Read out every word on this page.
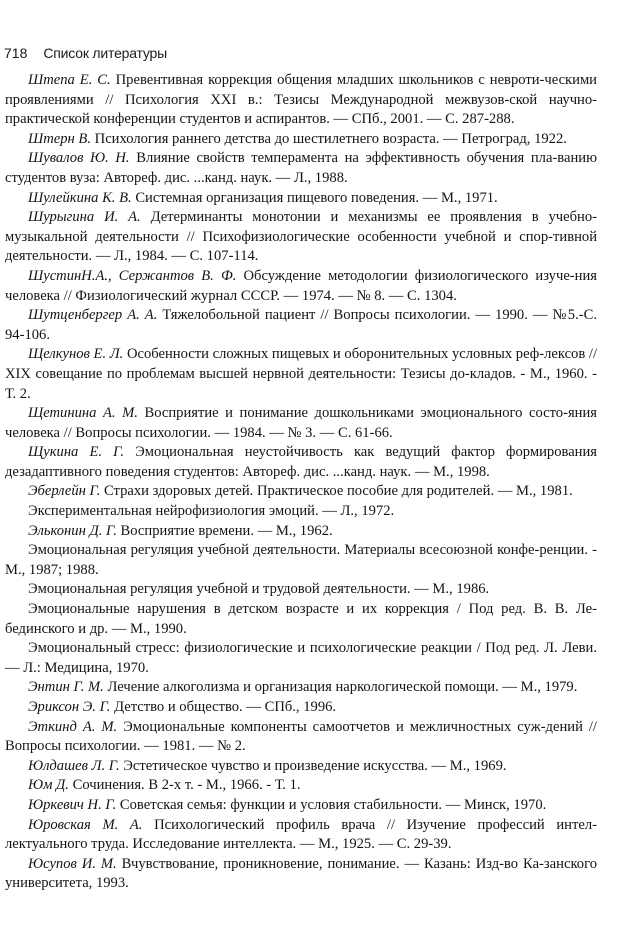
718 Список литературы

Штепа Е. С. Превентивная коррекция общения младших школьников с невроти-ческими проявлениями // Психология XXI в.: Тезисы Международной межвузов-ской научно-практической конференции студентов и аспирантов. — СПб., 2001. — С. 287-288.

Штерн В. Психология раннего детства до шестилетнего возраста. — Петроград, 1922.

Шувалов Ю. Н. Влияние свойств темперамента на эффективность обучения пла-ванию студентов вуза: Автореф. дис. ...канд. наук. — Л., 1988.

Шулейкина К. В. Системная организация пищевого поведения. — М., 1971.

Шурыгина И. А. Детерминанты монотонии и механизмы ее проявления в учебно-музыкальной деятельности // Психофизиологические особенности учебной и спор-тивной деятельности. — Л., 1984. — С. 107-114.

ШустинН.А., Сержантов В. Ф. Обсуждение методологии физиологического изуче-ния человека // Физиологический журнал СССР. — 1974. — № 8. — С. 1304.

Шутценбергер А. А. Тяжелобольной пациент // Вопросы психологии. — 1990. — №5.-С. 94-106.

Щелкунов Е. Л. Особенности сложных пищевых и оборонительных условных реф-лексов // XIX совещание по проблемам высшей нервной деятельности: Тезисы до-кладов. - М., 1960. - Т. 2.

Щетинина А. М. Восприятие и понимание дошкольниками эмоционального состо-яния человека // Вопросы психологии. — 1984. — № 3. — С. 61-66.

Щукина Е. Г. Эмоциональная неустойчивость как ведущий фактор формирования дезадаптивного поведения студентов: Автореф. дис. ...канд. наук. — М., 1998.

Эберлейн Г. Страхи здоровых детей. Практическое пособие для родителей. — М., 1981.

Экспериментальная нейрофизиология эмоций. — Л., 1972.

Эльконин Д. Г. Восприятие времени. — М., 1962.

Эмоциональная регуляция учебной деятельности. Материалы всесоюзной конфе-ренции. - М., 1987; 1988.

Эмоциональная регуляция учебной и трудовой деятельности. — М., 1986.

Эмоциональные нарушения в детском возрасте и их коррекция / Под ред. В. В. Ле-бединского и др. — М., 1990.

Эмоциональный стресс: физиологические и психологические реакции / Под ред. Л. Леви. — Л.: Медицина, 1970.

Энтин Г. М. Лечение алкоголизма и организация наркологической помощи. — М., 1979.

Эриксон Э. Г. Детство и общество. — СПб., 1996.

Эткинд А. М. Эмоциональные компоненты самоотчетов и межличностных суж-дений // Вопросы психологии. — 1981. — № 2.

Юлдашев Л. Г. Эстетическое чувство и произведение искусства. — М., 1969.

Юм Д. Сочинения. В 2-х т. - М., 1966. - Т. 1.

Юркевич Н. Г. Советская семья: функции и условия стабильности. — Минск, 1970.

Юровская М. А. Психологический профиль врача // Изучение профессий интел-лектуального труда. Исследование интеллекта. — М., 1925. — С. 29-39.

Юсупов И. М. Вчувствование, проникновение, понимание. — Казань: Изд-во Ка-занского университета, 1993.
